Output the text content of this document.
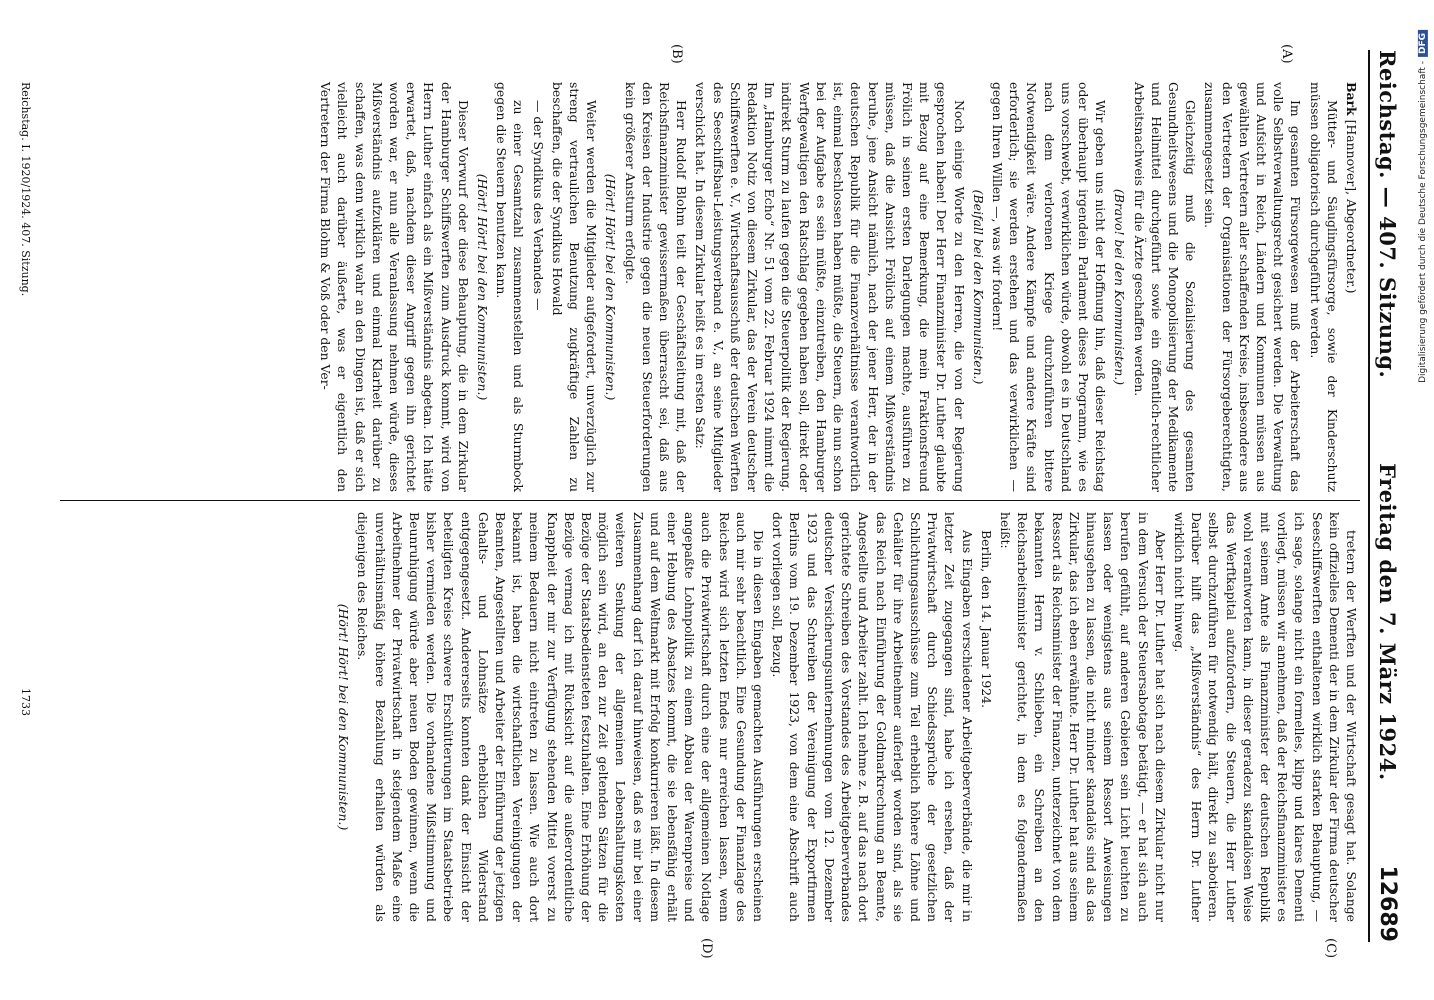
Reichstag. — 407. Sitzung.
Freitag den 7. März 1924.
12689
(A)
(B)
(C)
(D)

Bark [Hannover], Abgeordneter.)

Mütter- und Säuglingsfürsorge, sowie der Kinderschutz müssen obligatorisch durchgeführt werden.

Im gesamten Fürsorgewesen muß der Arbeiterschaft das volle Selbstverwaltungsrecht gesichert werden. Die Verwaltung und Aufsicht in Reich, Ländern und Kommunen müssen aus gewählten Vertretern aller schaffenden Kreise, insbesondere aus den Vertretern der Organisationen der Fürsorgeberechtigten, zusammengesetzt sein.

Gleichzeitig muß die Sozialisierung des gesamten Gesundheitswesens und die Monopolisierung der Medikamente und Heilmittel durchgeführt sowie ein öffentlich-rechtlicher Arbeitsnachweis für die Ärzte geschaffen werden.

(Bravo! bei den Kommunisten.)

Wir geben uns nicht der Hoffnung hin, daß dieser Reichstag oder überhaupt irgendein Parlament dieses Programm, wie es uns vorschwebt, verwirklichen würde, obwohl es in Deutschland nach dem verlorenen Kriege durchzuführen bittere Notwendigkeit wäre. Andere Kämpfe und andere Kräfte sind erforderlich; sie werden erstehen und das verwirklichen — gegen Ihren Willen —, was wir fordern!

(Beifall bei den Kommunisten.)

Noch einige Worte zu den Herren, die von der Regierung gesprochen haben! Der Herr Finanzminister Dr. Luther glaubte mit Bezug auf eine Bemerkung, die mein Fraktionsfreund Frölich in seinen ersten Darlegungen machte, ausführen zu müssen, daß die Ansicht Frölichs auf einem Mißverständnis beruhe, jene Ansicht nämlich, nach der jener Herr, der in der deutschen Republik für die Finanzverhältnisse verantwortlich ist, einmal beschlossen haben müßte, die Steuern, die nun schon bei der Aufgabe es sein müßte, einzutreiben, den Hamburger Werftgewaltigen den Ratschlag gegeben haben soll, direkt oder indirekt Sturm zu laufen gegen die Steuerpolitik der Regierung. Im „Hamburger Echo“ Nr. 51 vom 22. Februar 1924 nimmt die Redaktion Notiz von diesem Zirkular, das der Verein deutscher Schiffswerften e. V., Wirtschaftsausschuß der deutschen Werften des Seeschiffsbau-Leistungsverband e. V., an seine Mitglieder verschickt hat. In diesem Zirkular heißt es im ersten Satz:

Herr Rudolf Blohm teilt der Geschäftsleitung mit, daß der Reichsfinanzminister gewissermaßen überrascht sei, daß aus den Kreisen der Industrie gegen die neuen Steuerforderungen kein größerer Ansturm erfolgte.

(Hört! Hört! bei den Kommunisten.)

Weiter werden die Mitglieder aufgefordert, unverzüglich zur streng vertraulichen Benutzung zugkräftige Zahlen zu beschaffen, die der Syndikus Howald

— der Syndikus des Verbandes —

zu einer Gesamtzahl zusammenstellen und als Sturmbock gegen die Steuern benutzen kann.

(Hört! Hört! bei den Kommunisten.)

Dieser Vorwurf oder diese Behauptung, die in dem Zirkular der Hamburger Schiffswerften zum Ausdruck kommt, wird von Herrn Luther einfach als ein Mißverständnis abgetan. Ich hätte erwartet, daß, nachdem dieser Angriff gegen ihn gerichtet worden war, er nun alle Veranlassung nehmen würde, dieses Mißverständnis aufzuklären und einmal Klarheit darüber zu schaffen, was denn wirklich wahr an den Dingen ist, daß er sich vielleicht auch darüber äußerte, was er eigentlich den Vertretern der Firma Blohm & Voß oder den Ver-

tretern der Werften und der Wirtschaft gesagt hat. Solange kein offizielles Dementi der in dem Zirkular der Firma deutscher Seeschiffswerften enthaltenen wirklich starken Behauptung, — ich sage, solange nicht ein formelles, klipp und klares Dementi vorliegt, müssen wir annehmen, daß der Reichsfinanzminister es mit seinem Amte als Finanzminister der deutschen Republik wohl verantworten kann, in dieser geradezu skandalösen Weise das Werftkapital aufzufordern, die Steuern, die Herr Luther selbst durchzuführen für notwendig hält, direkt zu sabotieren. Darüber hilft das „Mißverständnis“ des Herrn Dr. Luther wirklich nicht hinweg.

Aber Herr Dr. Luther hat sich nach diesem Zirkular nicht nur in dem Versuch der Steuersabotage betätigt, — er hat sich auch berufen gefühlt, auf anderen Gebieten sein Licht leuchten zu lassen oder wenigstens aus seinem Ressort Anweisungen hinausgehen zu lassen, die nicht minder skandalös sind als das Zirkular, das ich eben erwähnte. Herr Dr. Luther hat aus seinem Ressort als Reichsminister der Finanzen, unterzeichnet von dem bekannten Herrn v. Schlieben, ein Schreiben an den Reichsarbeitsminister gerichtet, in dem es folgendermaßen heißt:

Berlin, den 14. Januar 1924.

Aus Eingaben verschiedener Arbeitgeberverbände, die mir in letzter Zeit zugegangen sind, habe ich ersehen, daß der Privatwirtschaft durch Schiedssprüche der gesetzlichen Schlichtungsausschüsse zum Teil erheblich höhere Löhne und Gehälter für ihre Arbeitnehmer auferlegt worden sind, als sie das Reich nach Einführung der Goldmarkrechnung an Beamte, Angestellte und Arbeiter zahlt. Ich nehme z. B. auf das nach dort gerichtete Schreiben des Vorstandes des Arbeitgeberverbandes deutscher Versicherungsunternehmungen vom 12. Dezember 1923 und das Schreiben der Vereinigung der Exportfirmen Berlins vom 19. Dezember 1923, von dem eine Abschrift auch dort vorliegen soll, Bezug.

Die in diesen Eingaben gemachten Ausführungen erscheinen auch mir sehr beachtlich. Eine Gesundung der Finanzlage des Reiches wird sich letzten Endes nur erreichen lassen, wenn auch die Privatwirtschaft durch eine der allgemeinen Notlage angepaßte Lohnpolitik zu einem Abbau der Warenpreise und einer Hebung des Absatzes kommt, die sie lebensfähig erhält und auf dem Weltmarkt mit Erfolg konkurrieren läßt. In diesem Zusammenhang darf ich darauf hinweisen, daß es mir bei einer weiteren Senkung der allgemeinen Lebenshaltungskosten möglich sein wird, an den zur Zeit geltenden Sätzen für die Bezüge der Staatsbediensteten festzuhalten. Eine Erhöhung der Bezüge vermag ich mit Rücksicht auf die außerordentliche Knappheit der mir zur Verfügung stehenden Mittel vorerst zu meinem Bedauern nicht eintreten zu lassen. Wie auch dort bekannt ist, haben die wirtschaftlichen Vereinigungen der Beamten, Angestellten und Arbeiter der Einführung der jetzigen Gehalts- und Lohnsätze erheblichen Widerstand entgegengesetzt. Andererseits konnten dank der Einsicht der beteiligten Kreise schwere Erschütterungen im Staatsbetriebe bisher vermieden werden. Die vorhandene Mißstimmung und Beunruhigung würde aber neuen Boden gewinnen, wenn die Arbeitnehmer der Privatwirtschaft in steigendem Maße eine unverhältnismäßig höhere Bezahlung erhalten würden als diejenigen des Reiches.

(Hört! Hört! bei den Kommunisten.)

Reichstag. I. 1920/1924. 407. Sitzung.
1733
Digitalisierung gefördert durch die Deutsche Forschungsgemeinschaft -DFG
